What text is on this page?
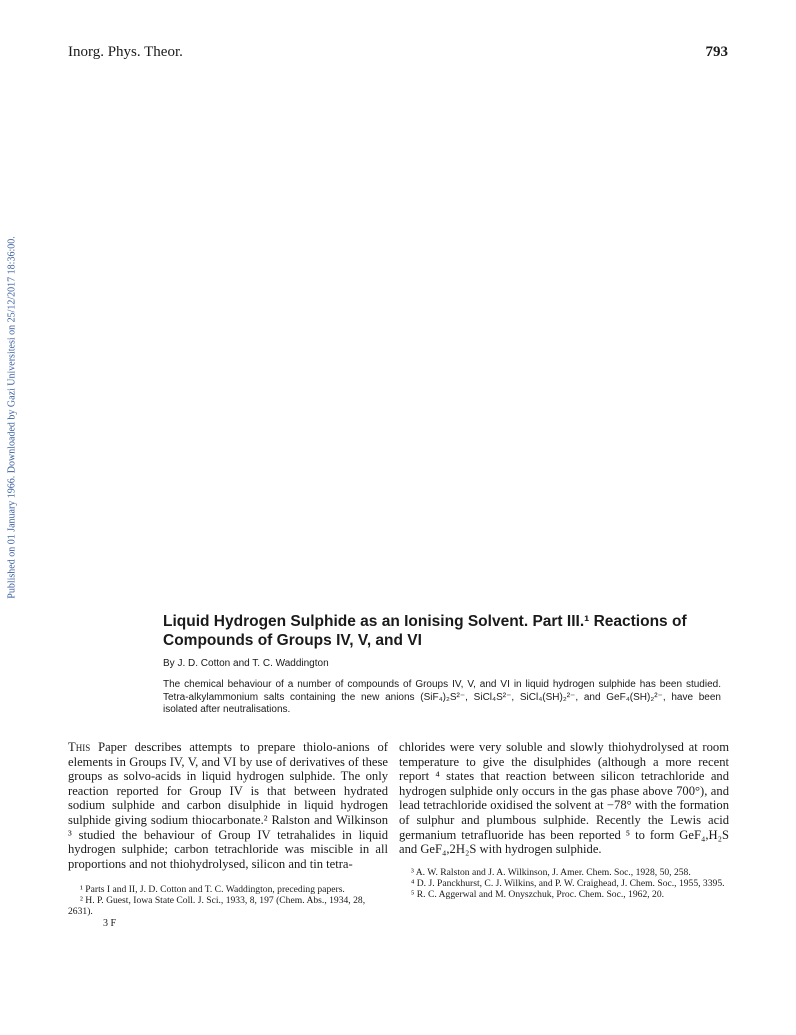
Inorg. Phys. Theor.	793
Published on 01 January 1966. Downloaded by Gazi Universitesi on 25/12/2017 18:36:00.
Liquid Hydrogen Sulphide as an Ionising Solvent. Part III.¹ Reactions of Compounds of Groups IV, V, and VI
By J. D. Cotton and T. C. Waddington
The chemical behaviour of a number of compounds of Groups IV, V, and VI in liquid hydrogen sulphide has been studied. Tetra-alkylammonium salts containing the new anions (SiF₄)₂S²⁻, SiCl₄S²⁻, SiCl₄(SH)₂²⁻, and GeF₄(SH)₂²⁻, have been isolated after neutralisations.

This Paper describes attempts to prepare thiolo-anions of elements in Groups IV, V, and VI by use of derivatives of these groups as solvo-acids in liquid hydrogen sulphide. The only reaction reported for Group IV is that between hydrated sodium sulphide and carbon disulphide in liquid hydrogen sulphide giving sodium thiocarbonate.² Ralston and Wilkinson ³ studied the behaviour of Group IV tetrahalides in liquid hydrogen sulphide; carbon tetrachloride was miscible in all proportions and not thiohydrolysed, silicon and tin tetra-

chlorides were very soluble and slowly thiohydrolysed at room temperature to give the disulphides (although a more recent report ⁴ states that reaction between silicon tetrachloride and hydrogen sulphide only occurs in the gas phase above 700°), and lead tetrachloride oxidised the solvent at −78° with the formation of sulphur and plumbous sulphide. Recently the Lewis acid germanium tetrafluoride has been reported ⁵ to form GeF₄,H₂S and GeF₄,2H₂S with hydrogen sulphide.

¹ Parts I and II, J. D. Cotton and T. C. Waddington, preceding papers.

² H. P. Guest, Iowa State Coll. J. Sci., 1933, 8, 197 (Chem. Abs., 1934, 28, 2631).

³ A. W. Ralston and J. A. Wilkinson, J. Amer. Chem. Soc., 1928, 50, 258.

⁴ D. J. Panckhurst, C. J. Wilkins, and P. W. Craighead, J. Chem. Soc., 1955, 3395.

⁵ R. C. Aggerwal and M. Onyszchuk, Proc. Chem. Soc., 1962, 20.

3 F
